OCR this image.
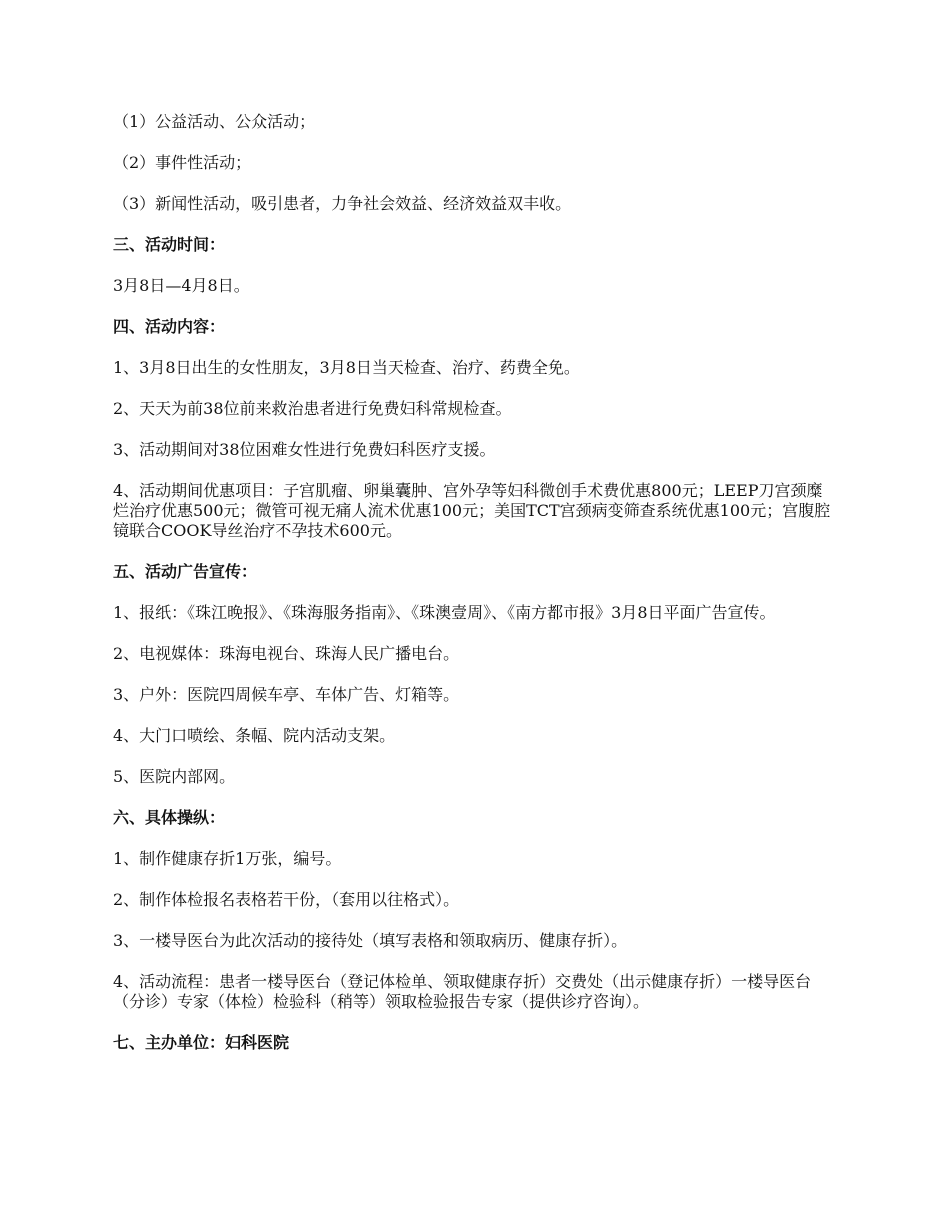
（1）公益活动、公众活动；

（2）事件性活动；

（3）新闻性活动，吸引患者，力争社会效益、经济效益双丰收。

三、活动时间：

3月8日—4月8日。

四、活动内容：

1、3月8日出生的女性朋友，3月8日当天检查、治疗、药费全免。

2、天天为前38位前来救治患者进行免费妇科常规检查。

3、活动期间对38位困难女性进行免费妇科医疗支援。

4、活动期间优惠项目：子宫肌瘤、卵巢囊肿、宫外孕等妇科微创手术费优惠800元；LEEP刀宫颈糜烂治疗优惠500元；微管可视无痛人流术优惠100元；美国TCT宫颈病变筛查系统优惠100元；宫腹腔镜联合COOK导丝治疗不孕技术600元。

五、活动广告宣传：

1、报纸：《珠江晚报》、《珠海服务指南》、《珠澳壹周》、《南方都市报》3月8日平面广告宣传。

2、电视媒体：珠海电视台、珠海人民广播电台。

3、户外：医院四周候车亭、车体广告、灯箱等。

4、大门口喷绘、条幅、院内活动支架。

5、医院内部网。

六、具体操纵：

1、制作健康存折1万张，编号。

2、制作体检报名表格若干份，（套用以往格式）。

3、一楼导医台为此次活动的接待处（填写表格和领取病历、健康存折）。

4、活动流程：患者一楼导医台（登记体检单、领取健康存折）交费处（出示健康存折）一楼导医台（分诊）专家（体检）检验科（稍等）领取检验报告专家（提供诊疗咨询）。

七、主办单位：妇科医院
